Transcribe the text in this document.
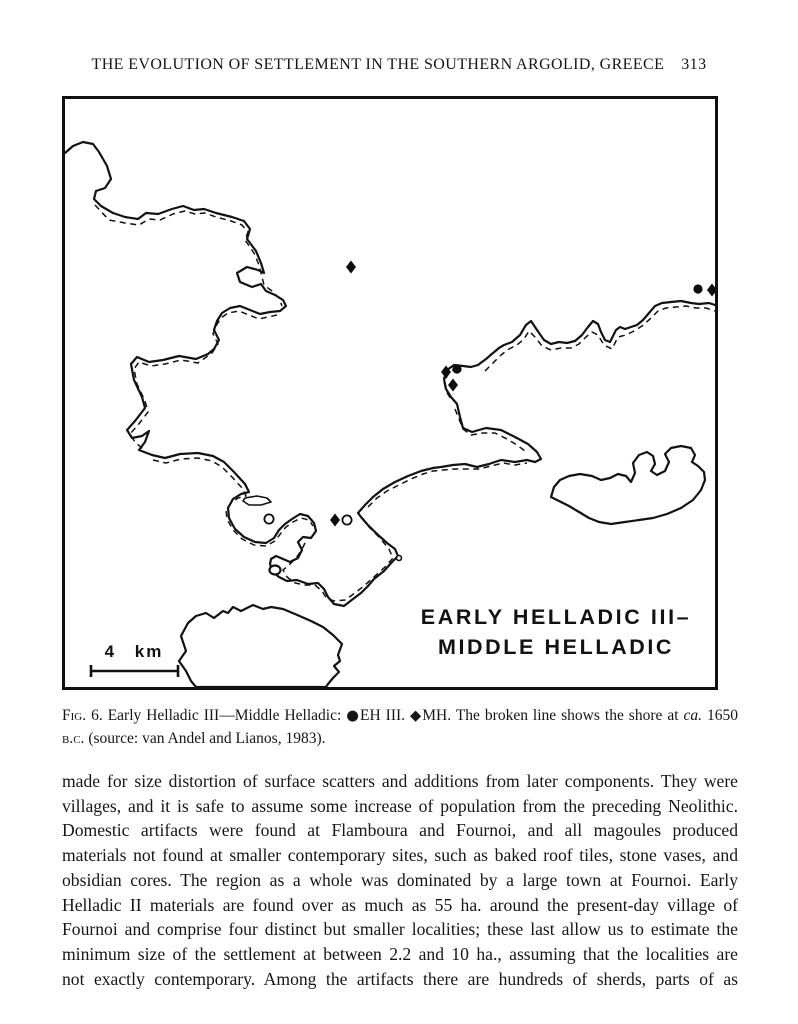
THE EVOLUTION OF SETTLEMENT IN THE SOUTHERN ARGOLID, GREECE 313
EARLY HELLADIC III–
MIDDLE HELLADIC
4 km
Fig. 6. Early Helladic III—Middle Helladic: ●EH III. ◆MH. The broken line shows the shore at ca. 1650
b.c. (source: van Andel and Lianos, 1983).
made for size distortion of surface scatters and additions from later components. They were
villages, and it is safe to assume some increase of population from the preceding Neolithic.
Domestic artifacts were found at Flamboura and Fournoi, and all magoules produced
materials not found at smaller contemporary sites, such as baked roof tiles, stone vases, and
obsidian cores. The region as a whole was dominated by a large town at Fournoi. Early
Helladic II materials are found over as much as 55 ha. around the present-day village of
Fournoi and comprise four distinct but smaller localities; these last allow us to estimate the
minimum size of the settlement at between 2.2 and 10 ha., assuming that the localities are
not exactly contemporary. Among the artifacts there are hundreds of sherds, parts of as
